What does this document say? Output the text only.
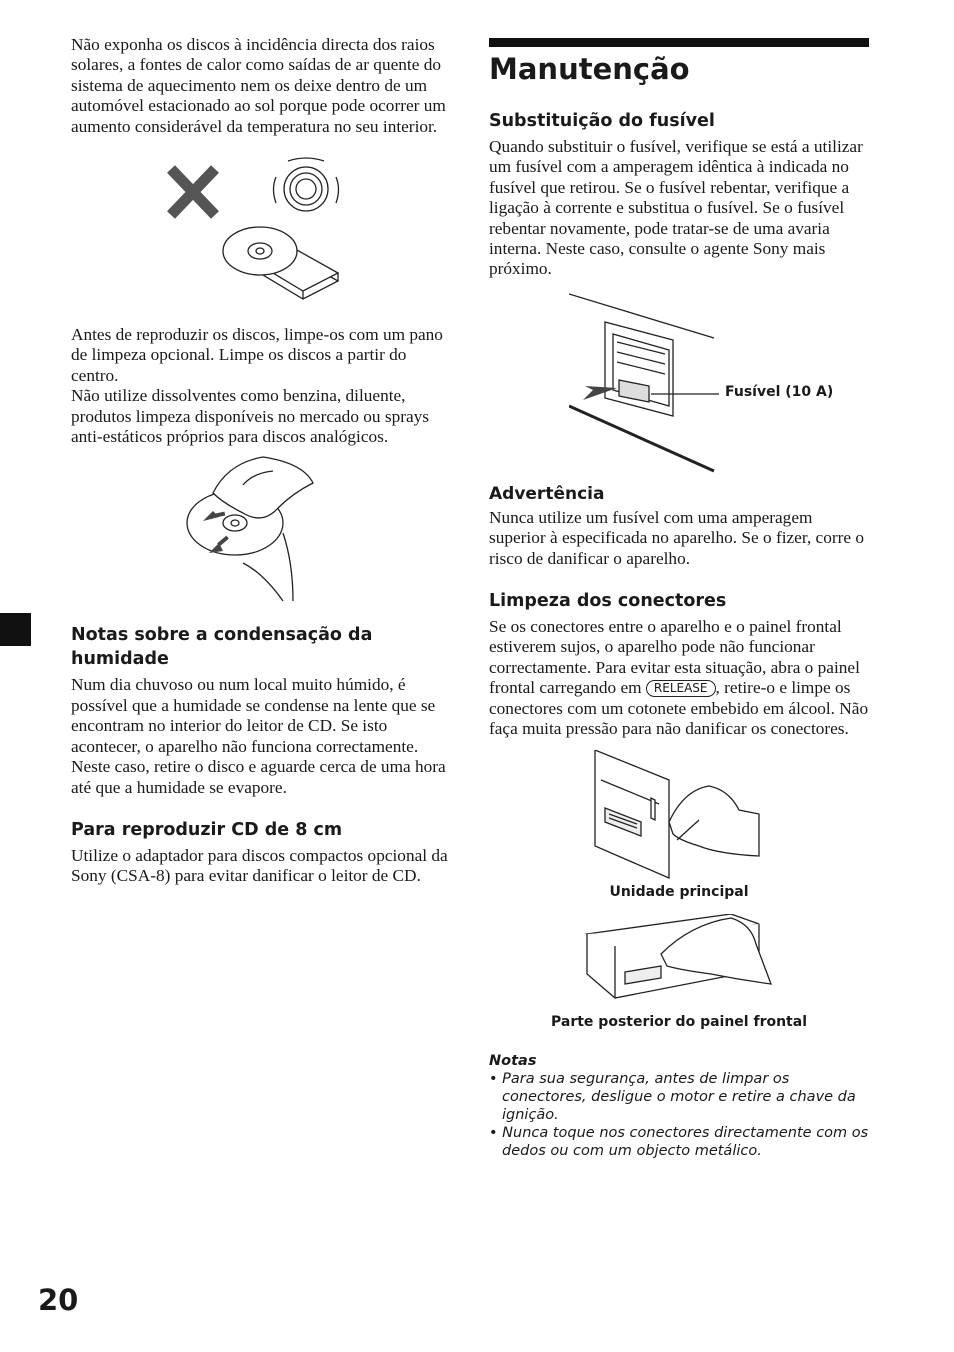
Não exponha os discos à incidência directa dos raios solares, a fontes de calor como saídas de ar quente do sistema de aquecimento nem os deixe dentro de um automóvel estacionado ao sol porque pode ocorrer um aumento considerável da temperatura no seu interior.

Antes de reproduzir os discos, limpe-os com um pano de limpeza opcional. Limpe os discos a partir do centro.

Não utilize dissolventes como benzina, diluente, produtos limpeza disponíveis no mercado ou sprays anti-estáticos próprios para discos analógicos.

Notas sobre a condensação da humidade

Num dia chuvoso ou num local muito húmido, é possível que a humidade se condense na lente que se encontram no interior do leitor de CD. Se isto acontecer, o aparelho não funciona correctamente. Neste caso, retire o disco e aguarde cerca de uma hora até que a humidade se evapore.

Para reproduzir CD de 8 cm

Utilize o adaptador para discos compactos opcional da Sony (CSA-8) para evitar danificar o leitor de CD.

Manutenção
Substituição do fusível

Quando substituir o fusível, verifique se está a utilizar um fusível com a amperagem idêntica à indicada no fusível que retirou. Se o fusível rebentar, verifique a ligação à corrente e substitua o fusível. Se o fusível rebentar novamente, pode tratar-se de uma avaria interna. Neste caso, consulte o agente Sony mais próximo.

Fusível (10 A)
Advertência

Nunca utilize um fusível com uma amperagem superior à especificada no aparelho. Se o fizer, corre o risco de danificar o aparelho.

Limpeza dos conectores

Se os conectores entre o aparelho e o painel frontal estiverem sujos, o aparelho pode não funcionar correctamente. Para evitar esta situação, abra o painel frontal carregando em RELEASE , retire-o e limpe os conectores com um cotonete embebido em álcool. Não faça muita pressão para não danificar os conectores.

Unidade principal
Parte posterior do painel frontal
Notas
• Para sua segurança, antes de limpar os conectores, desligue o motor e retire a chave da ignição.
• Nunca toque nos conectores directamente com os dedos ou com um objecto metálico.
20
